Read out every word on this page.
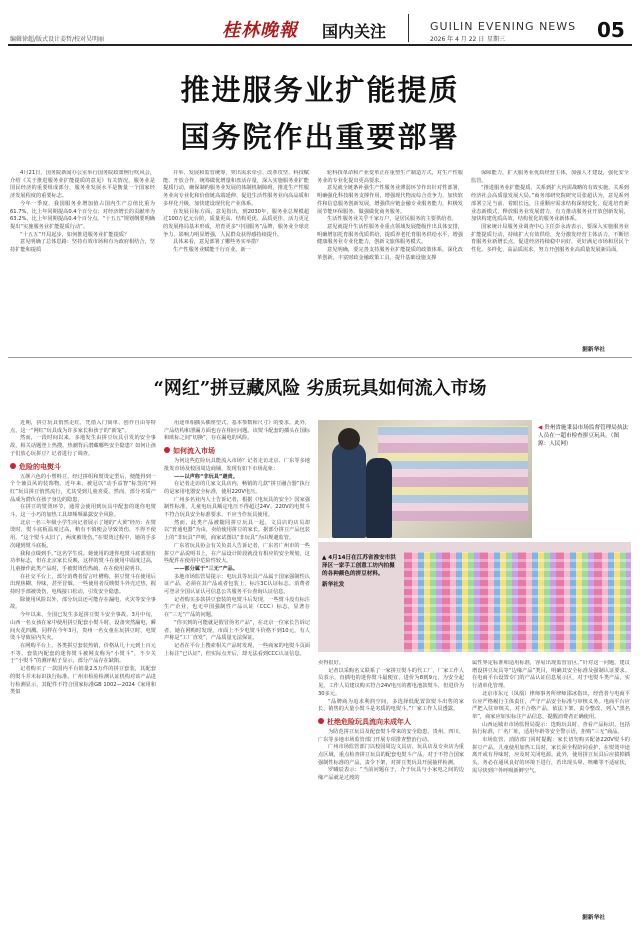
编辑徐超/版式设计姜哲/校对吴明丽	桂林晚報 国内关注	GUILIN EVENING NEWS
2026 年 4 月 22 日 星期三	05
推进服务业扩能提质
国务院作出重要部署

4月21日，国务院新闻办公室举行国务院政策例行吹风会，介绍《关于推进服务业扩能提质的意见》有关情况。服务业是国民经济的重要组成部分，服务业发展水平是衡量一个国家经济发展程度的重要标志。

今年一季度，我国服务业增加值占国内生产总值比重为61.7%，比上年同期提高0.4个百分点；对经济增长的贡献率为63.2%，比上年同期提高0.4个百分点。“十五五”规划纲要明确提出“实施服务业扩能提质行动”。

“十五五”开局起步，如何推进服务业扩能提质？

意见明确了总体思路：坚持有效市场和有为政府相结合，坚持扩能和提质

并举、发展和监管统筹，突出需求牵引、改革攻坚、科技赋能、开放合作，统筹做优增量和盘活存量，深入实施服务业扩能提质行动，确保制约服务业发展的体制机制障碍，推进生产性服务业向专业化和价值链高端延伸、促进生活性服务业向高品质和多样化升级，加快建设现代化产业体系。

在发展目标方面，意见指出，到2030年，服务业总规模超过100万亿元台阶，质量更高、结构更优、品质更佳、活力更足的发展格局基本形成，培育更多“中国服务”品牌，服务业全球竞争力、影响力明显增强，人民群众获得感持续提升。

具体来看，意见部署了哪些务实举措？

生产性服务业赋能千行百业。新一

轮科技革命和产业变革正在重塑生产制造方式，对生产性服务业的专业化提出更高要求。

意见就全链条补强生产性服务业薄弱环节作出针对性部署，明确强化科技服务支撑作用，增强现代物流综合竞争力，加快软件和信息服务创新发展，增强供应链金融专业服务能力，积极发展节能环保服务、做强做优商务服务。

生活性服务业关乎千家万户，是居民服务的主要供给者。

意见就提升生活性服务业重点领域发展能级作出具体安排，明确增加托育服务优质供给，提质养老托育服务供给水平，增强健康服务业专业化能力，创新文旅体服务模式。

意见明确，要完善支持服务业扩能提质的政策体系，深化改革创新，丰富财政金融政策工具，提升基础设施支撑

保障能力，扩大服务业优质经营主体，加强人才建设，强化安全监管。

“推进服务业扩能提质，关系到扩大内需战略的有效实施，关系到经济社会高质量发展大局。”商务部研究院研究员张超认为，意见系列部署立足当前、着眼长远，注重顺应需求结构深刻变化，促进培育新业态新模式，释放服务业发展潜力，有力推动服务业开放创新发展，加快构建优质高效、结构优化的服务业新体系。

国家统计局服务业调查中心主任彭永涛表示，要深入实施服务业扩能提质行动，持续扩大有效供给，充分激发经营主体活力，不断培育服务业新增长点，促进经济持续稳中向好，更好满足市场和居民个性化、多样化、高品质需求，努力开创服务业高质量发展新局面。

据新华社
“网红”拼豆藏风险 劣质玩具如何流入市场

近期，拼豆玩具悄然走红，凭借入门简单、创作自由等特点，这一“网红”玩具成为许多家长和孩子的“新宠”。

然而，一段时间以来，多地发生由拼豆玩具引发的安全事故，相关话题登上热搜。热潮背后潜藏哪些安全隐患？如何让孩子们放心玩拼豆？记者进行了调查。

危险的电熨斗

五颜六色的小塑料豆，经过拼组和熨烫定型后，便能得到一个个兼具风的装饰物。近年来，被冠以“动手益智”标签的“网红”玩具拼豆悄然流行，尤其受到儿童喜爱。然而，部分劣质产品成为潜伏在孩子身边的隐患。

在拼豆的熨烫环节，通常会使用到玩具中配套的迷你电熨斗，这一小巧的加热工具却频频暴露安全风险。

北京一名三年级小学生向记者展示了她的“大黄”经历：在熨烫时，熨斗底板温度过高，稍有不慎便会导致烫伤，不得不使用。“这个熨斗太旧了，两度被烫伤。”在熨烫过程中，她的手多次碰到熨斗底板。

我和点缀到手。”这名学生说。她使用的迷你电熨斗底部刻有功率标志，但在北京家长反映，这样的熨斗在使用中温度过高，儿童操作此类产品时，手被熨烫伤热疏，在在使用说明书。

在社交平台上，部分消费者留言吐槽称，拼豆熨斗在使用后出现焦糊、异味，甚至冒烟。一些使用者反映熨斗外壳过热，握持时手部被烫伤，电线接口松动，引发安全隐患。

除使用风险以外，部分玩具还可能存在漏电、火灾等安全事故。

今年以来，全国已发生多起拼豆熨斗安全事故。3月中旬，山西一名女孩在家中使用拼豆配套小熨斗时，设备突然漏电，瞬间火花四溅。同样在今年3月，贵州一名女童在玩拼豆时，电熨烫斗导致屋内失火。

在网购平台上，各类拼豆套装热销，价格从几十元到上百元不等。套装内配套的迷你熨斗被网友称为“小熨斗”，不少关于“小熨斗”的测评帖子显示，部分产品存在缺陷。

记者购买了一款国内平台销量2.5万件的拼豆套装，其配套的熨斗并未标识执行标准。广州市检验检测认证机构对该产品进行检测显示，其配件不符合国家标准GB 1002—2024《家用和类似

用途单相插头插座型式、基本参数和尺寸》的要求。此外，产品结构和泄漏方面也存在相应问题。该熨斗配套的插头在国标和欧标之间“切换”，存在漏电的风险。

如何流入市场

为何这些危险玩具能流入市场？记者走访北京、广东等多地批发市场及校园周边商铺，发现有如下市场乱象：

——以声称“非玩具”避责。

在记者走访的几家文具店内，畅销的几款“拼豆融合器”执行的是家用电器安全标准，使用220V电压。

广州多名业内人士告诉记者，根据《电玩具的安全》国家强制性标准，儿童电玩具额定电压不得超过24V。220V的电熨斗不符合玩具安全标准要求，不应当作玩具使用。

然而，此类产品被随同拼豆玩具一起，文具店的店员却以“普通电器”为由，卖给使用拼豆的家长。据部分拼豆产品包装上的“非玩具”声明，商家试图以“非玩具”为由规避监管。

广东省玩具协会有关负责人告诉记者，广东省广州市的一些拼豆产品说明书上，在产品设计阶段就没有相应的安全规划，这些配件在使用中危险性较大。

——部分属于“三无”产品。

多地市场监管局提示：电玩具等玩具产品属于国家强制性认证产品，必须在其产品或者包装上，标注3C认证标志。消费者可登录全国认证认可信息公共服务平台查询认证信息。

记者购买多款拼豆套装的电熨斗后发现，一些熨斗没有标注生产企业，也无中国强制性产品认证（CCC）标志，显著存在“三无”产品的问题。

“你买到的可能就是假冒伪劣产品”，在北京一位家长告诉记者，她在网购时发现，市面上不少电熨斗价格不到10元，有人声称是“工厂直发”，产品质量无法保证。

记者在平台上搜索相关产品时发现，一些商家的电熨斗页面上标注“已认证”，但实际点开后，却无法看到CCC认证信息。

◀ 贵州省施秉县市场监督管理局执法人员在一超市检查拼豆玩具。（图源：人民网）
▲ 4月14日在江苏省淮安市洪泽区一家手工创意工坊内拍摄的各种颜色的拼豆材料。
新华社发

卖得很好。

记者以采购名义联系了一家拼豆熨斗的代工厂，厂家工作人员表示，直插电的迷你熨斗最便宜，进价为8到9元，为安全起见，工作人员建议购买符合24V电压的蓄电池款熨斗，但进价为30多元。

“品牌商为追求利润空间，多选择低配置款熨斗出售的家长，销售的大量小熨斗是劣质的电熨斗。”厂家工作人员透露。

杜绝危险玩具流向未成年人

为防范拼豆玩具及配套熨斗带来的安全隐患，贵州、四川、广东等多地市场监管部门开展专项排查整治行动。

广州市场监管部门以校园周边文具店、玩具店及专卖店为重点区域，重点检查拼豆玩具的配套电熨斗产品，对于不符合国家强制性标准的产品，责令下架，对拼豆类玩具开展抽样检测。

罗曦辰表示：“当前问题在于，介于玩具与小家电之间的边缘产品就是过渡的

属性界定标准和适用标准，容易出现监管盲区。”针对这一问题，建议增设拼豆玩具等“边缘产品”类目，明确其安全标准及强制认证要求。在电商平台设置专门的产品认证信息展示区，对于电熨斗类产品，实行清单化管理。

北京市东元（凤凰）律师事务所律师邵冰指出，经营者与电商平台应严格履行主体责任，严守产品安全标准与审核义务。电商平台应严把入驻审核关，对不合格产品，依法下架、责令整改、列入“黑名单”，商家应如实标注产品信息，提醒消费者正确使用。

山西运城市市场监督局提示：选购玩具时，查看产品标识，包括执行标准，厂名厂址，适用年龄等安全警示语，拒购“三无”商品。

市场监管、消防部门同时提醒：家长切勿购买配备220V熨斗的拼豆产品，儿童使用加热工具时，家长须全程陪同看护，在熨烫中途离开或有异味时，应及时关闭电源。此外，使用拼豆玩具后应拔掉插头，务必在通风良好的环境下进行，若出现头晕、咳嗽等不适症状，需尽快到户外呼吸新鲜空气。

据新华社
